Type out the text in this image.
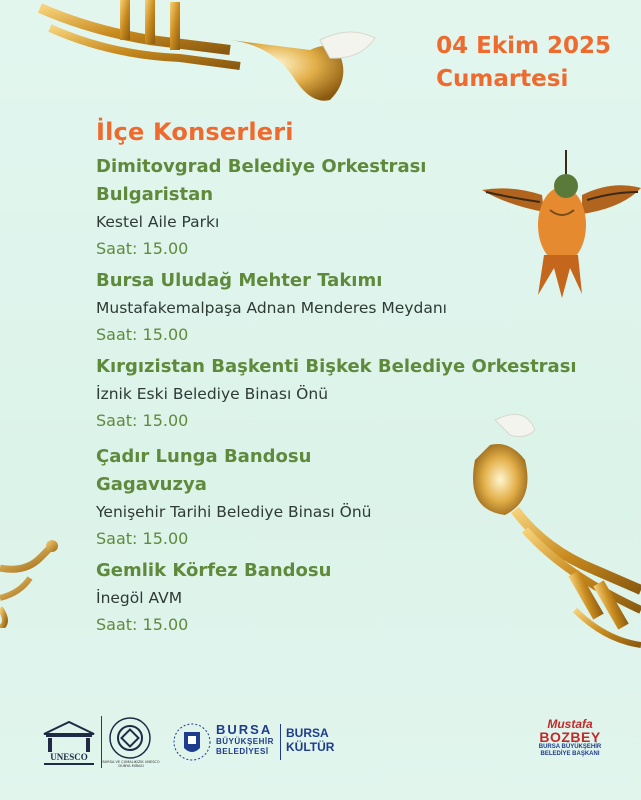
04 Ekim 2025
Cumartesi
İlçe Konserleri
Dimitovgrad Belediye Orkestrası
Bulgaristan
Kestel Aile Parkı
Saat: 15.00
Bursa Uludağ Mehter Takımı
Mustafakemalpaşa Adnan Menderes Meydanı
Saat: 15.00
Kırgızistan Başkenti Bişkek Belediye Orkestrası
İznik Eski Belediye Binası Önü
Saat: 15.00
Çadır Lunga Bandosu
Gagavuzya
Yenişehir Tarihi Belediye Binası Önü
Saat: 15.00
Gemlik Körfez Bandosu
İnegöl AVM
Saat: 15.00
UNESCO	BURSA VE CUMALIKIZIK UNESCO DÜNYA MİRASI
BURSA
BÜYÜKŞEHİR
BELEDİYESİ
BURSA
KÜLTÜR
Mustafa
BOZBEY
BURSA BÜYÜKŞEHİR
BELEDİYE BAŞKANI
